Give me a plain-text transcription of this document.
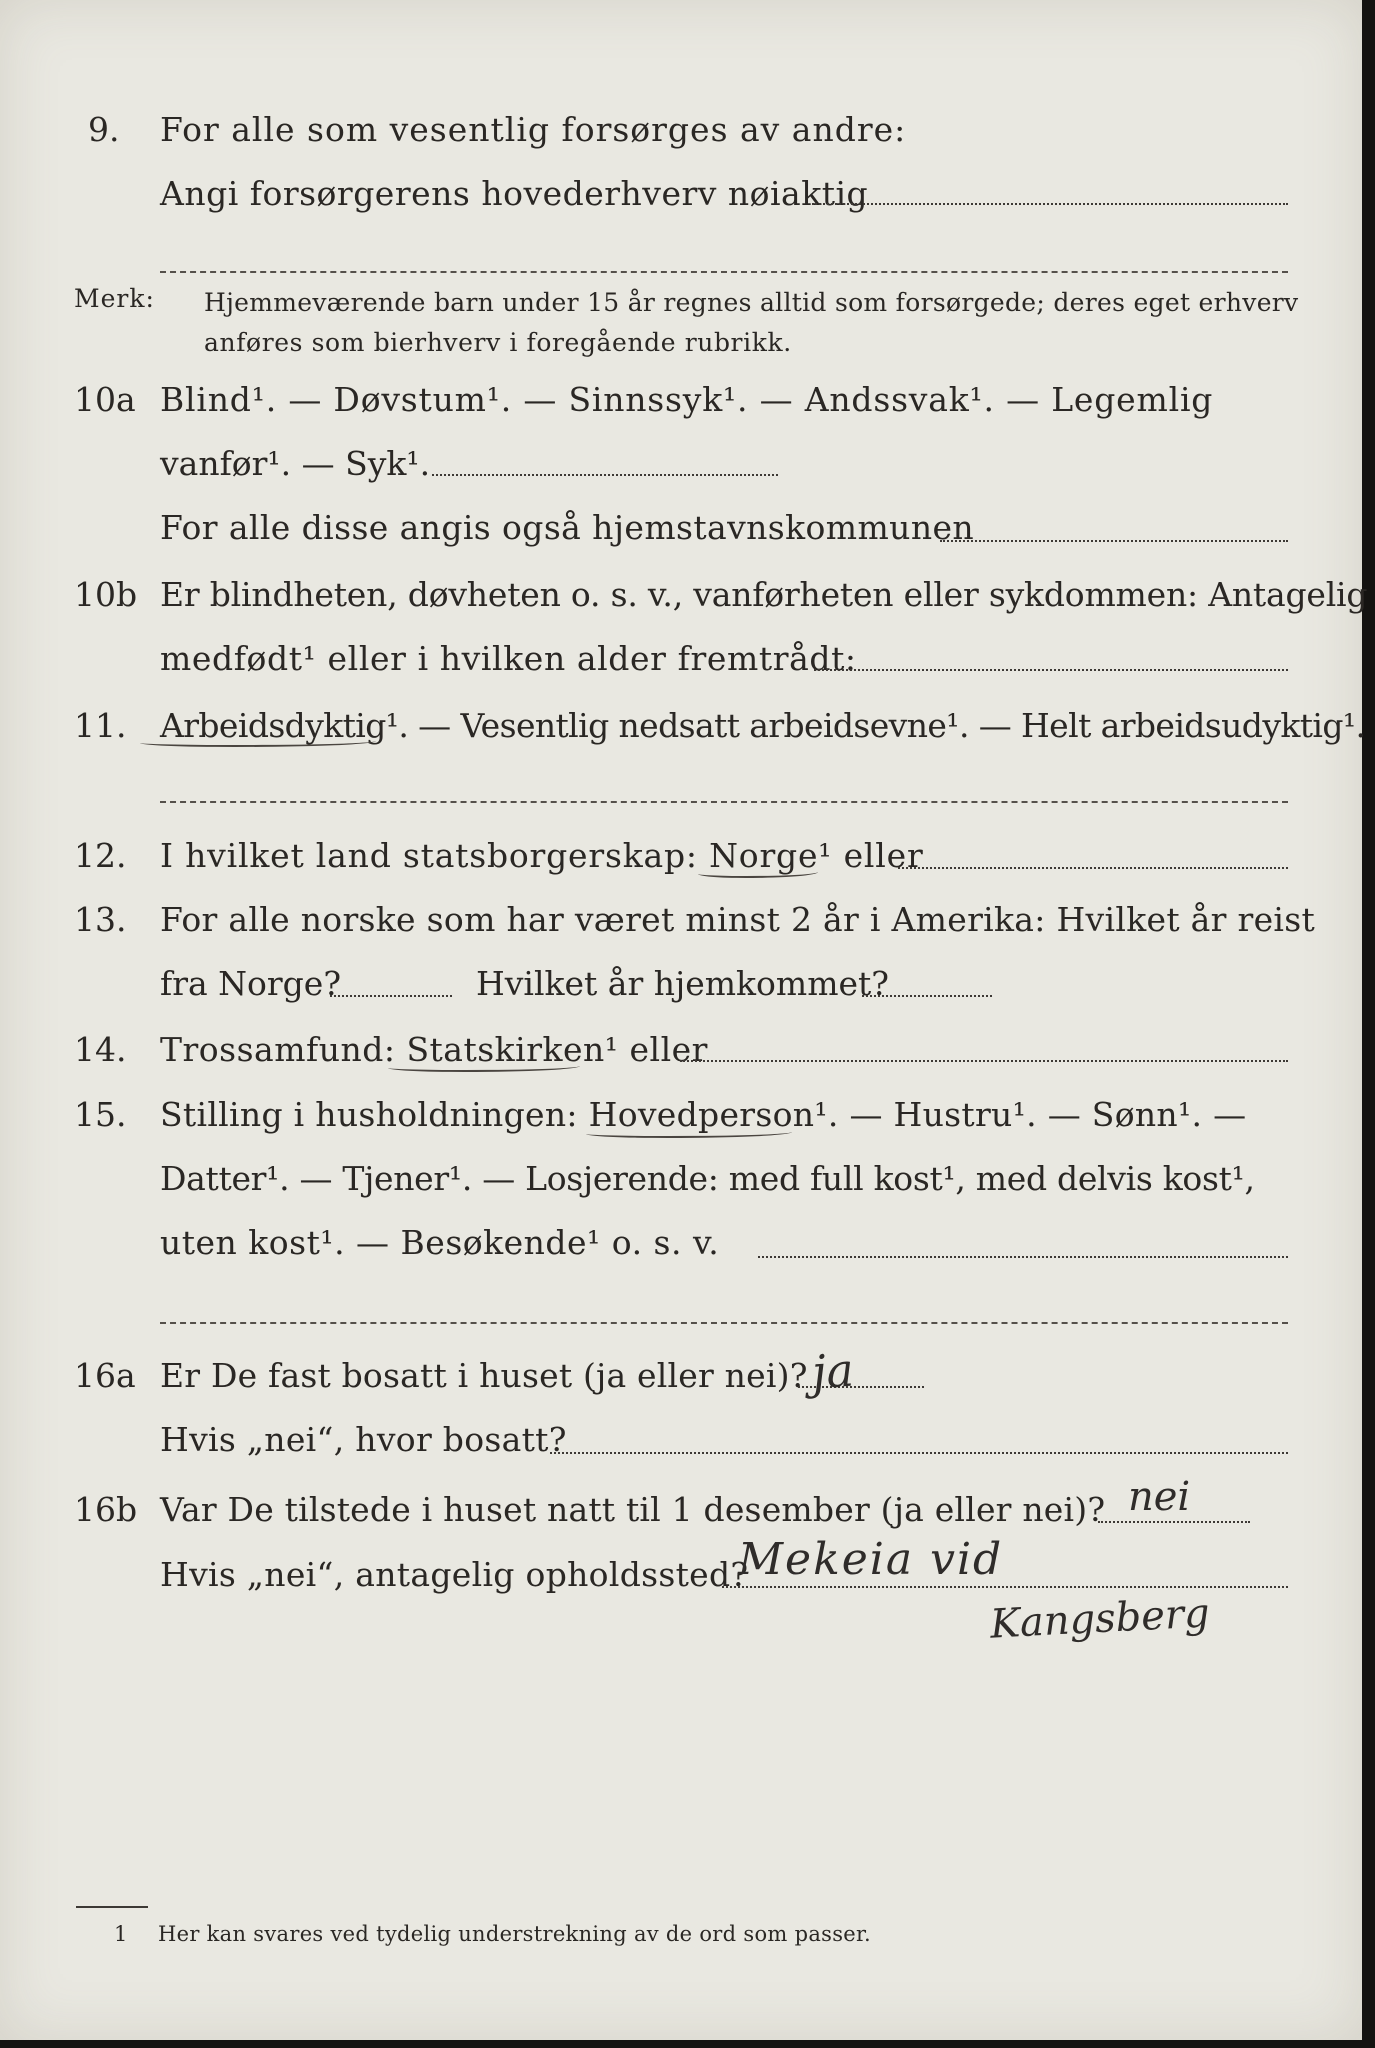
9. For alle som vesentlig forsørges av andre:
Angi forsørgerens hovederhverv nøiaktig
Merk: Hjemmeværende barn under 15 år regnes alltid som forsørgede; deres eget erhverv
anføres som bierhverv i foregående rubrikk.
10a Blind¹. — Døvstum¹. — Sinnssyk¹. — Andssvak¹. — Legemlig
vanfør¹. — Syk¹.
For alle disse angis også hjemstavnskommunen
10b Er blindheten, døvheten o. s. v., vanførheten eller sykdommen: Antagelig
medfødt¹ eller i hvilken alder fremtrådt:
11. Arbeidsdyktig¹. — Vesentlig nedsatt arbeidsevne¹. — Helt arbeidsudyktig¹.
12. I hvilket land statsborgerskap: Norge¹ eller
13. For alle norske som har været minst 2 år i Amerika: Hvilket år reist
fra Norge?	Hvilket år hjemkommet?
14. Trossamfund: Statskirken¹ eller
15. Stilling i husholdningen: Hovedperson¹. — Hustru¹. — Sønn¹. —
Datter¹. — Tjener¹. — Losjerende: med full kost¹, med delvis kost¹,
uten kost¹. — Besøkende¹ o. s. v.
16a Er De fast bosatt i huset (ja eller nei)? ja
Hvis „nei“, hvor bosatt?
16b Var De tilstede i huset natt til 1 desember (ja eller nei)? nei
Hvis „nei“, antagelig opholdssted?
Mekeia vid
Kangsberg
1 Her kan svares ved tydelig understrekning av de ord som passer.
